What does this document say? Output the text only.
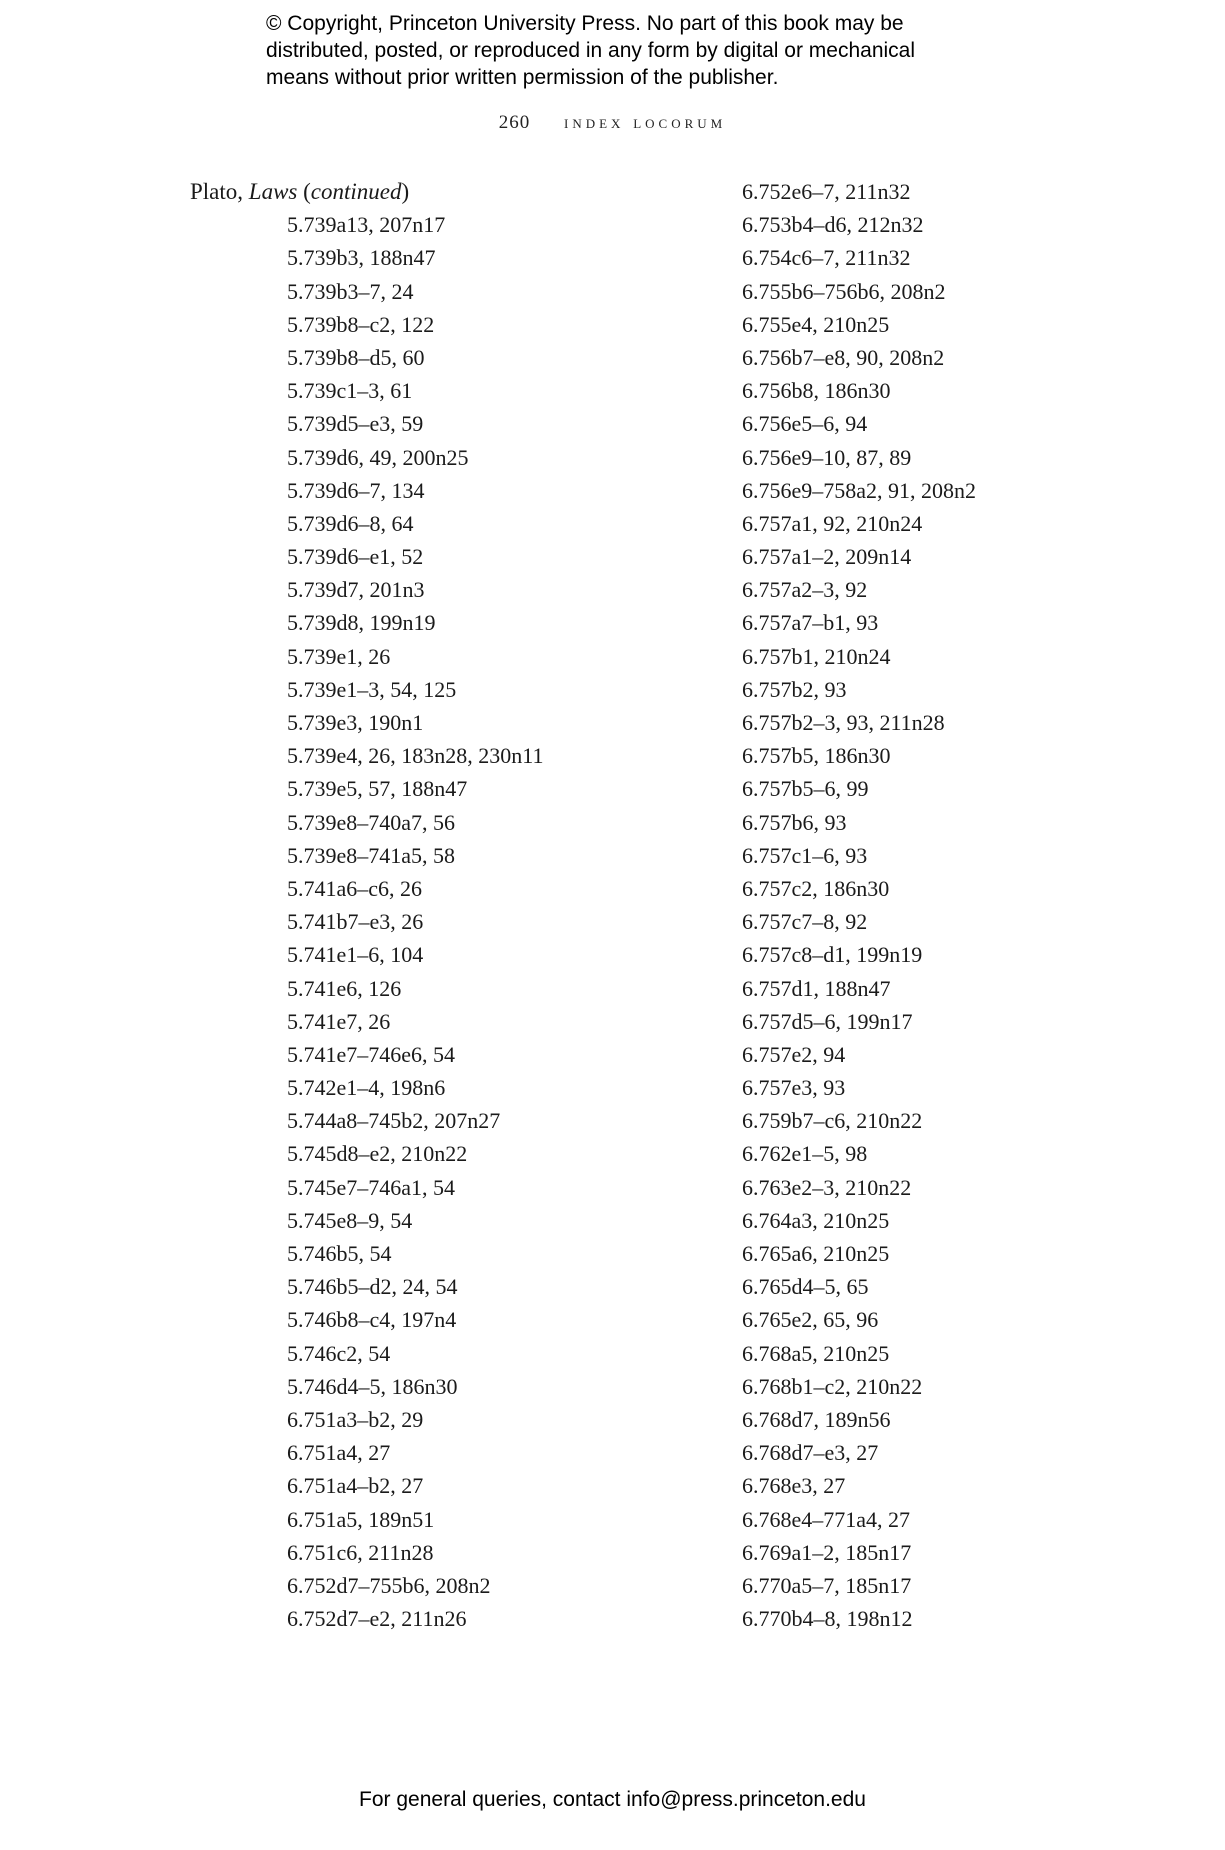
© Copyright, Princeton University Press. No part of this book may be
distributed, posted, or reproduced in any form by digital or mechanical
means without prior written permission of the publisher.
260 index locorum
Plato, Laws (continued)
5.739a13, 207n17
5.739b3, 188n47
5.739b3–7, 24
5.739b8–c2, 122
5.739b8–d5, 60
5.739c1–3, 61
5.739d5–e3, 59
5.739d6, 49, 200n25
5.739d6–7, 134
5.739d6–8, 64
5.739d6–e1, 52
5.739d7, 201n3
5.739d8, 199n19
5.739e1, 26
5.739e1–3, 54, 125
5.739e3, 190n1
5.739e4, 26, 183n28, 230n11
5.739e5, 57, 188n47
5.739e8–740a7, 56
5.739e8–741a5, 58
5.741a6–c6, 26
5.741b7–e3, 26
5.741e1–6, 104
5.741e6, 126
5.741e7, 26
5.741e7–746e6, 54
5.742e1–4, 198n6
5.744a8–745b2, 207n27
5.745d8–e2, 210n22
5.745e7–746a1, 54
5.745e8–9, 54
5.746b5, 54
5.746b5–d2, 24, 54
5.746b8–c4, 197n4
5.746c2, 54
5.746d4–5, 186n30
6.751a3–b2, 29
6.751a4, 27
6.751a4–b2, 27
6.751a5, 189n51
6.751c6, 211n28
6.752d7–755b6, 208n2
6.752d7–e2, 211n26
6.752e6–7, 211n32
6.753b4–d6, 212n32
6.754c6–7, 211n32
6.755b6–756b6, 208n2
6.755e4, 210n25
6.756b7–e8, 90, 208n2
6.756b8, 186n30
6.756e5–6, 94
6.756e9–10, 87, 89
6.756e9–758a2, 91, 208n2
6.757a1, 92, 210n24
6.757a1–2, 209n14
6.757a2–3, 92
6.757a7–b1, 93
6.757b1, 210n24
6.757b2, 93
6.757b2–3, 93, 211n28
6.757b5, 186n30
6.757b5–6, 99
6.757b6, 93
6.757c1–6, 93
6.757c2, 186n30
6.757c7–8, 92
6.757c8–d1, 199n19
6.757d1, 188n47
6.757d5–6, 199n17
6.757e2, 94
6.757e3, 93
6.759b7–c6, 210n22
6.762e1–5, 98
6.763e2–3, 210n22
6.764a3, 210n25
6.765a6, 210n25
6.765d4–5, 65
6.765e2, 65, 96
6.768a5, 210n25
6.768b1–c2, 210n22
6.768d7, 189n56
6.768d7–e3, 27
6.768e3, 27
6.768e4–771a4, 27
6.769a1–2, 185n17
6.770a5–7, 185n17
6.770b4–8, 198n12
For general queries, contact info@press.princeton.edu
